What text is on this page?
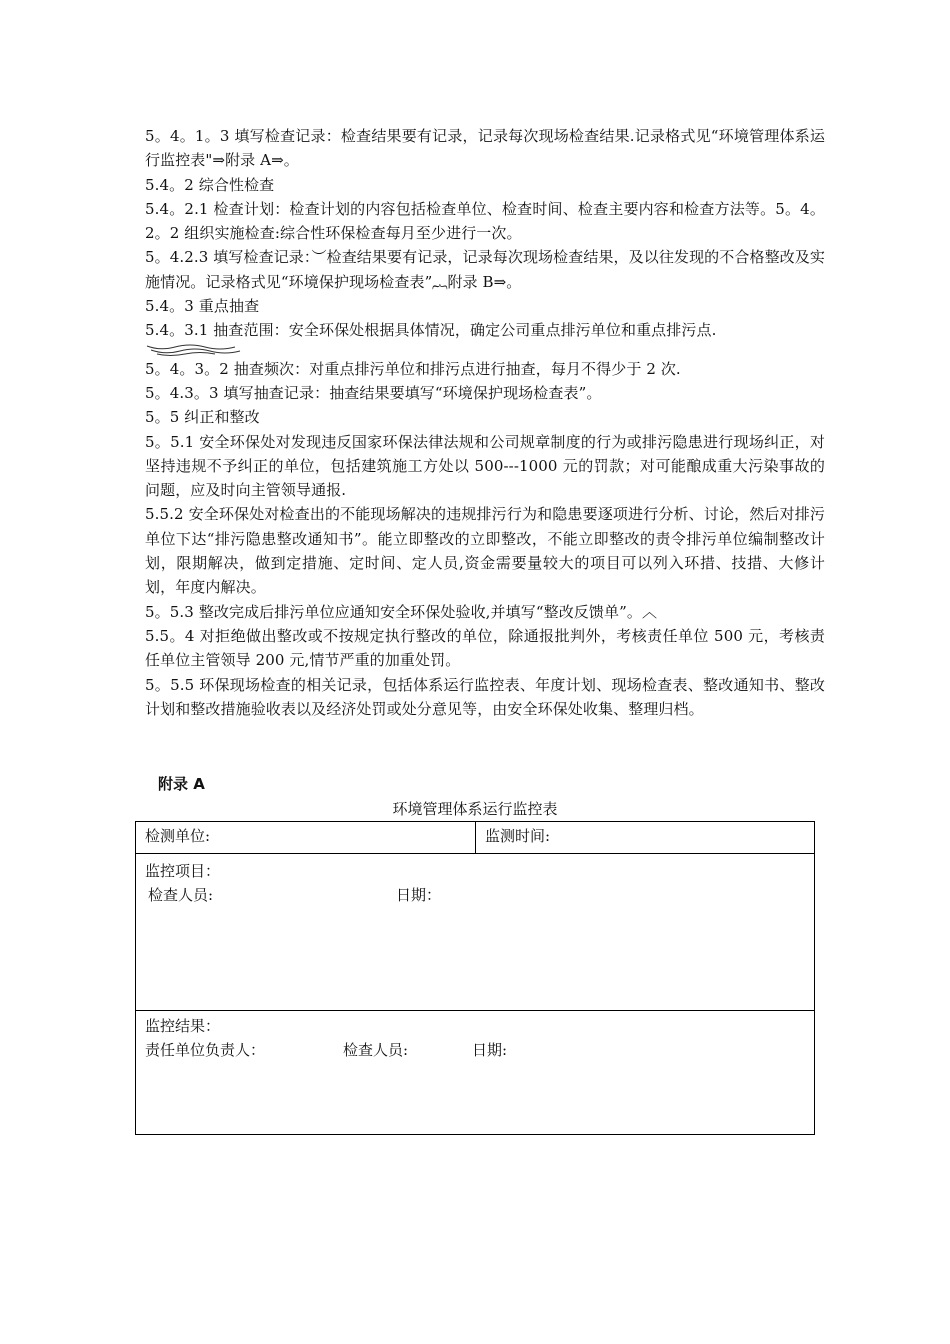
5。4。1。3 填写检查记录：检查结果要有记录，记录每次现场检查结果.记录格式见“环境管理体系运行监控表"⇒附录 A⇒。

5.4。2 综合性检查

5.4。2.1 检查计划：检查计划的内容包括检查单位、检查时间、检查主要内容和检查方法等。5。4。2。2 组织实施检查:综合性环保检查每月至少进行一次。

5。4.2.3 填写检查记录：︶检查结果要有记录，记录每次现场检查结果，及以往发现的不合格整改及实施情况。记录格式见“环境保护现场检查表”︷附录 B⇒。

5.4。3 重点抽查

5.4。3.1 抽查范围：安全环保处根据具体情况，确定公司重点排污单位和重点排污点.

5。4。3。2 抽查频次：对重点排污单位和排污点进行抽查，每月不得少于 2 次.

5。4.3。3 填写抽查记录：抽查结果要填写“环境保护现场检查表”。

5。5 纠正和整改

5。5.1 安全环保处对发现违反国家环保法律法规和公司规章制度的行为或排污隐患进行现场纠正，对坚持违规不予纠正的单位，包括建筑施工方处以 500---1000 元的罚款；对可能酿成重大污染事故的问题，应及时向主管领导通报.

5.5.2 安全环保处对检查出的不能现场解决的违规排污行为和隐患要逐项进行分析、讨论，然后对排污单位下达“排污隐患整改通知书”。能立即整改的立即整改，不能立即整改的责令排污单位编制整改计划，限期解决，做到定措施、定时间、定人员,资金需要量较大的项目可以列入环措、技措、大修计划，年度内解决。

5。5.3 整改完成后排污单位应通知安全环保处验收,并填写“整改反馈单”。︿

5.5。4 对拒绝做出整改或不按规定执行整改的单位，除通报批判外，考核责任单位 500 元，考核责任单位主管领导 200 元,情节严重的加重处罚。

5。5.5 环保现场检查的相关记录，包括体系运行监控表、年度计划、现场检查表、整改通知书、整改计划和整改措施验收表以及经济处罚或处分意见等，由安全环保处收集、整理归档。

附录 A
环境管理体系运行监控表
检测单位:	监测时间:
监控项目：
检查人员:	日期：
监控结果：
责任单位负责人：	检查人员:	日期:
